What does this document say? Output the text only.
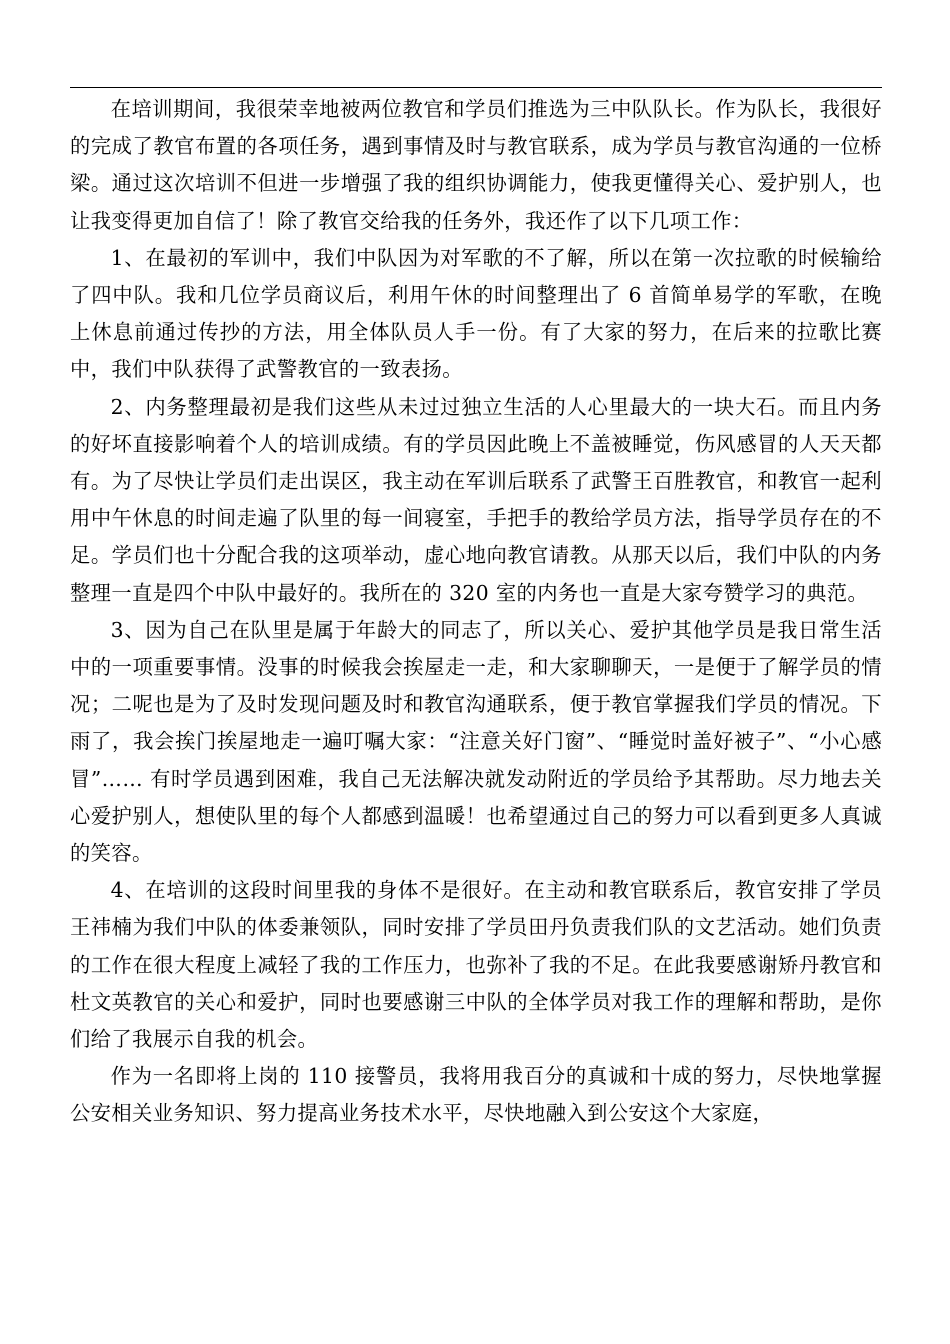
在培训期间，我很荣幸地被两位教官和学员们推选为三中队队长。作为队长，我很好的完成了教官布置的各项任务，遇到事情及时与教官联系，成为学员与教官沟通的一位桥梁。通过这次培训不但进一步增强了我的组织协调能力，使我更懂得关心、爱护别人，也让我变得更加自信了！除了教官交给我的任务外，我还作了以下几项工作：

1、在最初的军训中，我们中队因为对军歌的不了解，所以在第一次拉歌的时候输给了四中队。我和几位学员商议后，利用午休的时间整理出了 6 首简单易学的军歌，在晚上休息前通过传抄的方法，用全体队员人手一份。有了大家的努力，在后来的拉歌比赛中，我们中队获得了武警教官的一致表扬。

2、内务整理最初是我们这些从未过过独立生活的人心里最大的一块大石。而且内务的好坏直接影响着个人的培训成绩。有的学员因此晚上不盖被睡觉，伤风感冒的人天天都有。为了尽快让学员们走出误区，我主动在军训后联系了武警王百胜教官，和教官一起利用中午休息的时间走遍了队里的每一间寝室，手把手的教给学员方法，指导学员存在的不足。学员们也十分配合我的这项举动，虚心地向教官请教。从那天以后，我们中队的内务整理一直是四个中队中最好的。我所在的 320 室的内务也一直是大家夸赞学习的典范。

3、因为自己在队里是属于年龄大的同志了，所以关心、爱护其他学员是我日常生活中的一项重要事情。没事的时候我会挨屋走一走，和大家聊聊天，一是便于了解学员的情况；二呢也是为了及时发现问题及时和教官沟通联系，便于教官掌握我们学员的情况。下雨了，我会挨门挨屋地走一遍叮嘱大家：“注意关好门窗”、“睡觉时盖好被子”、“小心感冒”…… 有时学员遇到困难，我自己无法解决就发动附近的学员给予其帮助。尽力地去关心爱护别人，想使队里的每个人都感到温暖！也希望通过自己的努力可以看到更多人真诚的笑容。

4、在培训的这段时间里我的身体不是很好。在主动和教官联系后，教官安排了学员王祎楠为我们中队的体委兼领队，同时安排了学员田丹负责我们队的文艺活动。她们负责的工作在很大程度上减轻了我的工作压力，也弥补了我的不足。在此我要感谢矫丹教官和杜文英教官的关心和爱护，同时也要感谢三中队的全体学员对我工作的理解和帮助，是你们给了我展示自我的机会。

作为一名即将上岗的 110 接警员，我将用我百分的真诚和十成的努力，尽快地掌握公安相关业务知识、努力提高业务技术水平，尽快地融入到公安这个大家庭，
